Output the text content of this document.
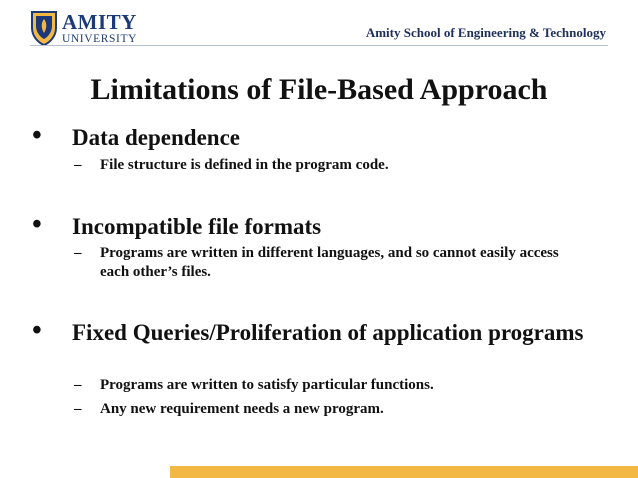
AMITY
UNIVERSITY	Amity School of Engineering & Technology
Limitations of File-Based Approach
• Data dependence
– File structure is defined in the program code.
• Incompatible file formats
– Programs are written in different languages, and so cannot easily access each other’s files.
• Fixed Queries/Proliferation of application programs
– Programs are written to satisfy particular functions.
– Any new requirement needs a new program.
